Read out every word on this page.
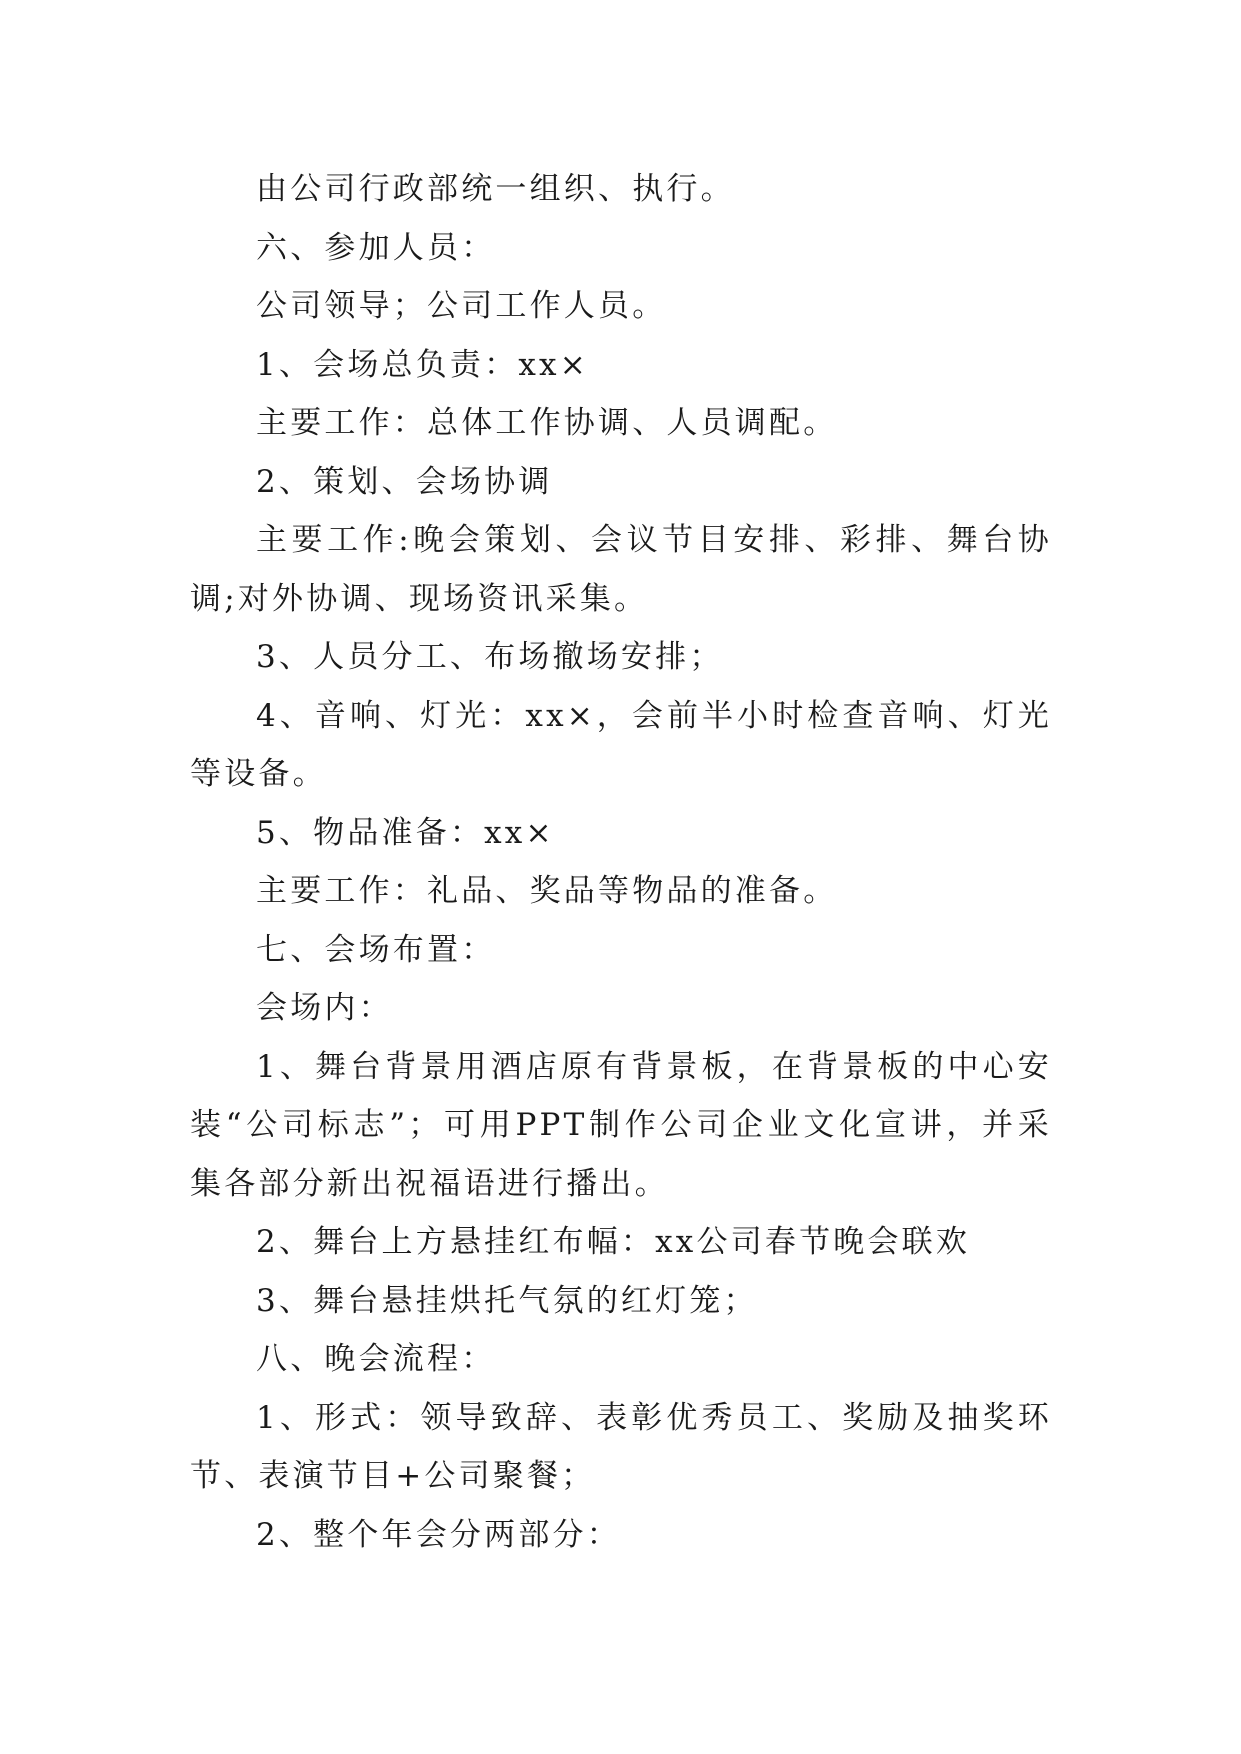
由公司行政部统一组织、执行。

六、参加人员：

公司领导；公司工作人员。

1、会场总负责：xx×

主要工作：总体工作协调、人员调配。

2、策划、会场协调

主要工作:晚会策划、会议节目安排、彩排、舞台协调;对外协调、现场资讯采集。

3、人员分工、布场撤场安排；

4、音响、灯光：xx×，会前半小时检查音响、灯光等设备。

5、物品准备：xx×

主要工作：礼品、奖品等物品的准备。

七、会场布置：

会场内：

1、舞台背景用酒店原有背景板，在背景板的中心安装“公司标志”；可用PPT制作公司企业文化宣讲，并采集各部分新出祝福语进行播出。

2、舞台上方悬挂红布幅：xx公司春节晚会联欢

3、舞台悬挂烘托气氛的红灯笼；

八、晚会流程：

1、形式：领导致辞、表彰优秀员工、奖励及抽奖环节、表演节目+公司聚餐；

2、整个年会分两部分：
